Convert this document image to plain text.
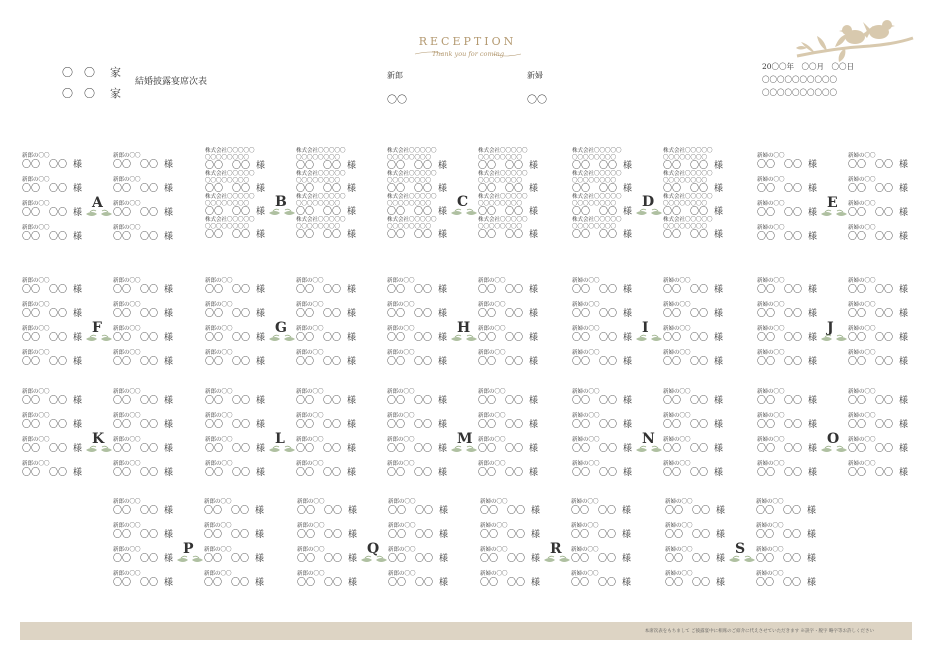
〇　〇 家
〇　〇 家
結婚披露宴席次表
RECEPTION
Thank you for coming
新郎
〇〇
新婦
〇〇
20〇〇年　〇〇月　〇〇日
〇〇〇〇〇〇〇〇〇〇
〇〇〇〇〇〇〇〇〇〇
新郎の〇〇
〇〇　〇〇 様
新郎の〇〇
〇〇　〇〇 様
新郎の〇〇
〇〇　〇〇 様
新郎の〇〇
〇〇　〇〇 様
新郎の〇〇
〇〇　〇〇 様
新郎の〇〇
〇〇　〇〇 様
新郎の〇〇
〇〇　〇〇 様
新郎の〇〇
〇〇　〇〇 様
A
株式会社〇〇〇〇〇
〇〇〇〇〇〇〇〇
〇〇　〇〇 様
株式会社〇〇〇〇〇
〇〇〇〇〇〇〇〇
〇〇　〇〇 様
株式会社〇〇〇〇〇
〇〇〇〇〇〇〇〇
〇〇　〇〇 様
株式会社〇〇〇〇〇
〇〇〇〇〇〇〇〇
〇〇　〇〇 様
株式会社〇〇〇〇〇
〇〇〇〇〇〇〇〇
〇〇　〇〇 様
株式会社〇〇〇〇〇
〇〇〇〇〇〇〇〇
〇〇　〇〇 様
株式会社〇〇〇〇〇
〇〇〇〇〇〇〇〇
〇〇　〇〇 様
株式会社〇〇〇〇〇
〇〇〇〇〇〇〇〇
〇〇　〇〇 様
B
株式会社〇〇〇〇〇
〇〇〇〇〇〇〇〇
〇〇　〇〇 様
株式会社〇〇〇〇〇
〇〇〇〇〇〇〇〇
〇〇　〇〇 様
株式会社〇〇〇〇〇
〇〇〇〇〇〇〇〇
〇〇　〇〇 様
株式会社〇〇〇〇〇
〇〇〇〇〇〇〇〇
〇〇　〇〇 様
株式会社〇〇〇〇〇
〇〇〇〇〇〇〇〇
〇〇　〇〇 様
株式会社〇〇〇〇〇
〇〇〇〇〇〇〇〇
〇〇　〇〇 様
株式会社〇〇〇〇〇
〇〇〇〇〇〇〇〇
〇〇　〇〇 様
株式会社〇〇〇〇〇
〇〇〇〇〇〇〇〇
〇〇　〇〇 様
C
株式会社〇〇〇〇〇
〇〇〇〇〇〇〇〇
〇〇　〇〇 様
株式会社〇〇〇〇〇
〇〇〇〇〇〇〇〇
〇〇　〇〇 様
株式会社〇〇〇〇〇
〇〇〇〇〇〇〇〇
〇〇　〇〇 様
株式会社〇〇〇〇〇
〇〇〇〇〇〇〇〇
〇〇　〇〇 様
株式会社〇〇〇〇〇
〇〇〇〇〇〇〇〇
〇〇　〇〇 様
株式会社〇〇〇〇〇
〇〇〇〇〇〇〇〇
〇〇　〇〇 様
株式会社〇〇〇〇〇
〇〇〇〇〇〇〇〇
〇〇　〇〇 様
株式会社〇〇〇〇〇
〇〇〇〇〇〇〇〇
〇〇　〇〇 様
D
新婦の〇〇
〇〇　〇〇 様
新婦の〇〇
〇〇　〇〇 様
新婦の〇〇
〇〇　〇〇 様
新婦の〇〇
〇〇　〇〇 様
新婦の〇〇
〇〇　〇〇 様
新婦の〇〇
〇〇　〇〇 様
新婦の〇〇
〇〇　〇〇 様
新婦の〇〇
〇〇　〇〇 様
E
新郎の〇〇
〇〇　〇〇 様
新郎の〇〇
〇〇　〇〇 様
新郎の〇〇
〇〇　〇〇 様
新郎の〇〇
〇〇　〇〇 様
新郎の〇〇
〇〇　〇〇 様
新郎の〇〇
〇〇　〇〇 様
新郎の〇〇
〇〇　〇〇 様
新郎の〇〇
〇〇　〇〇 様
F
新郎の〇〇
〇〇　〇〇 様
新郎の〇〇
〇〇　〇〇 様
新郎の〇〇
〇〇　〇〇 様
新郎の〇〇
〇〇　〇〇 様
新郎の〇〇
〇〇　〇〇 様
新郎の〇〇
〇〇　〇〇 様
新郎の〇〇
〇〇　〇〇 様
新郎の〇〇
〇〇　〇〇 様
G
新郎の〇〇
〇〇　〇〇 様
新郎の〇〇
〇〇　〇〇 様
新郎の〇〇
〇〇　〇〇 様
新郎の〇〇
〇〇　〇〇 様
新郎の〇〇
〇〇　〇〇 様
新郎の〇〇
〇〇　〇〇 様
新郎の〇〇
〇〇　〇〇 様
新郎の〇〇
〇〇　〇〇 様
H
新婦の〇〇
〇〇　〇〇 様
新婦の〇〇
〇〇　〇〇 様
新婦の〇〇
〇〇　〇〇 様
新婦の〇〇
〇〇　〇〇 様
新婦の〇〇
〇〇　〇〇 様
新婦の〇〇
〇〇　〇〇 様
新婦の〇〇
〇〇　〇〇 様
新婦の〇〇
〇〇　〇〇 様
I
新婦の〇〇
〇〇　〇〇 様
新婦の〇〇
〇〇　〇〇 様
新婦の〇〇
〇〇　〇〇 様
新婦の〇〇
〇〇　〇〇 様
新婦の〇〇
〇〇　〇〇 様
新婦の〇〇
〇〇　〇〇 様
新婦の〇〇
〇〇　〇〇 様
新婦の〇〇
〇〇　〇〇 様
J
新郎の〇〇
〇〇　〇〇 様
新郎の〇〇
〇〇　〇〇 様
新郎の〇〇
〇〇　〇〇 様
新郎の〇〇
〇〇　〇〇 様
新郎の〇〇
〇〇　〇〇 様
新郎の〇〇
〇〇　〇〇 様
新郎の〇〇
〇〇　〇〇 様
新郎の〇〇
〇〇　〇〇 様
K
新郎の〇〇
〇〇　〇〇 様
新郎の〇〇
〇〇　〇〇 様
新郎の〇〇
〇〇　〇〇 様
新郎の〇〇
〇〇　〇〇 様
新郎の〇〇
〇〇　〇〇 様
新郎の〇〇
〇〇　〇〇 様
新郎の〇〇
〇〇　〇〇 様
新郎の〇〇
〇〇　〇〇 様
L
新郎の〇〇
〇〇　〇〇 様
新郎の〇〇
〇〇　〇〇 様
新郎の〇〇
〇〇　〇〇 様
新郎の〇〇
〇〇　〇〇 様
新郎の〇〇
〇〇　〇〇 様
新郎の〇〇
〇〇　〇〇 様
新郎の〇〇
〇〇　〇〇 様
新郎の〇〇
〇〇　〇〇 様
M
新婦の〇〇
〇〇　〇〇 様
新婦の〇〇
〇〇　〇〇 様
新婦の〇〇
〇〇　〇〇 様
新婦の〇〇
〇〇　〇〇 様
新婦の〇〇
〇〇　〇〇 様
新婦の〇〇
〇〇　〇〇 様
新婦の〇〇
〇〇　〇〇 様
新婦の〇〇
〇〇　〇〇 様
N
新婦の〇〇
〇〇　〇〇 様
新婦の〇〇
〇〇　〇〇 様
新婦の〇〇
〇〇　〇〇 様
新婦の〇〇
〇〇　〇〇 様
新婦の〇〇
〇〇　〇〇 様
新婦の〇〇
〇〇　〇〇 様
新婦の〇〇
〇〇　〇〇 様
新婦の〇〇
〇〇　〇〇 様
O
新郎の〇〇
〇〇　〇〇 様
新郎の〇〇
〇〇　〇〇 様
新郎の〇〇
〇〇　〇〇 様
新郎の〇〇
〇〇　〇〇 様
新郎の〇〇
〇〇　〇〇 様
新郎の〇〇
〇〇　〇〇 様
新郎の〇〇
〇〇　〇〇 様
新郎の〇〇
〇〇　〇〇 様
P
新郎の〇〇
〇〇　〇〇 様
新郎の〇〇
〇〇　〇〇 様
新郎の〇〇
〇〇　〇〇 様
新郎の〇〇
〇〇　〇〇 様
新郎の〇〇
〇〇　〇〇 様
新郎の〇〇
〇〇　〇〇 様
新郎の〇〇
〇〇　〇〇 様
新郎の〇〇
〇〇　〇〇 様
Q
新婦の〇〇
〇〇　〇〇 様
新婦の〇〇
〇〇　〇〇 様
新婦の〇〇
〇〇　〇〇 様
新婦の〇〇
〇〇　〇〇 様
新婦の〇〇
〇〇　〇〇 様
新婦の〇〇
〇〇　〇〇 様
新婦の〇〇
〇〇　〇〇 様
新婦の〇〇
〇〇　〇〇 様
R
新婦の〇〇
〇〇　〇〇 様
新婦の〇〇
〇〇　〇〇 様
新婦の〇〇
〇〇　〇〇 様
新婦の〇〇
〇〇　〇〇 様
新婦の〇〇
〇〇　〇〇 様
新婦の〇〇
〇〇　〇〇 様
新婦の〇〇
〇〇　〇〇 様
新婦の〇〇
〇〇　〇〇 様
S
本席次表をもちまして ご披露宴中に相席のご紹介に代えさせていただきます ※誤字・脱字 略字等お許しください
